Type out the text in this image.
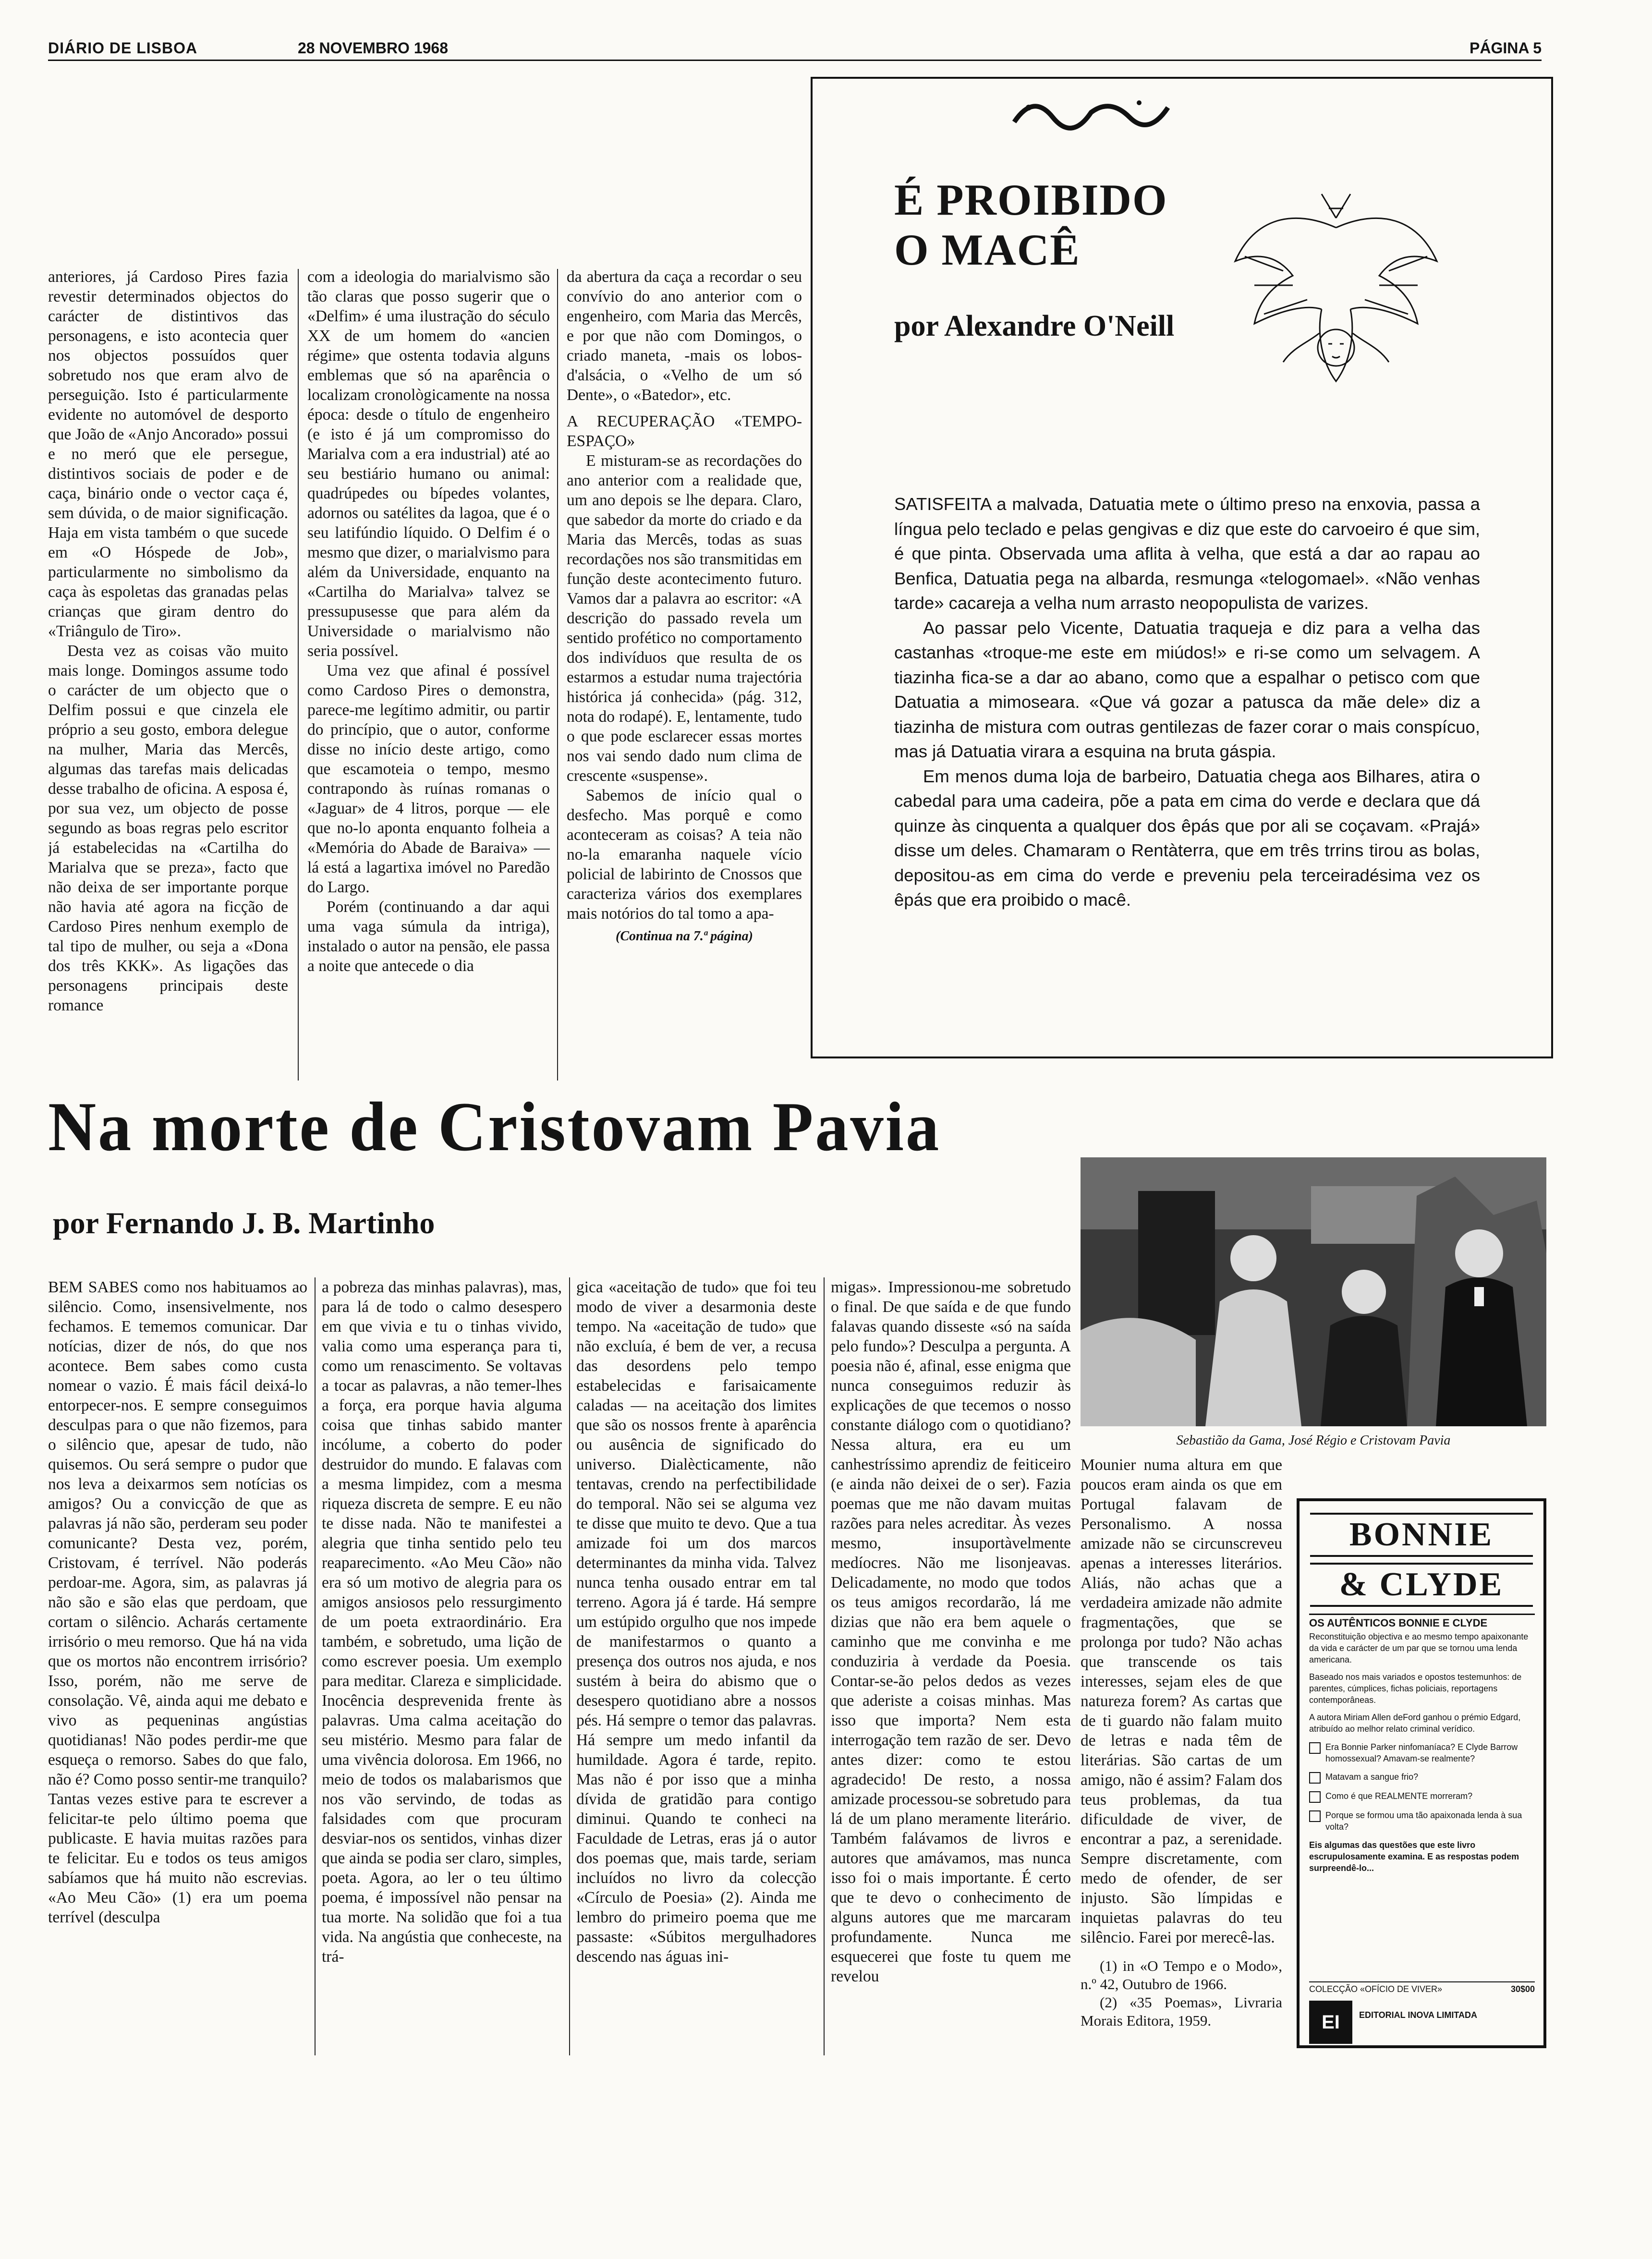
DIÁRIO DE LISBOA	28 NOVEMBRO 1968	PÁGINA 5

anteriores, já Cardoso Pires fazia revestir determinados objectos do carácter de distintivos das personagens, e isto acontecia quer nos objectos possuídos quer sobretudo nos que eram alvo de perseguição. Isto é particularmente evidente no automóvel de desporto que João de «Anjo Ancorado» possui e no meró que ele persegue, distintivos sociais de poder e de caça, binário onde o vector caça é, sem dúvida, o de maior significação. Haja em vista também o que sucede em «O Hóspede de Job», particularmente no simbolismo da caça às espoletas das granadas pelas crianças que giram dentro do «Triângulo de Tiro».

Desta vez as coisas vão muito mais longe. Domingos assume todo o carácter de um objecto que o Delfim possui e que cinzela ele próprio a seu gosto, embora delegue na mulher, Maria das Mercês, algumas das tarefas mais delicadas desse trabalho de oficina. A esposa é, por sua vez, um objecto de posse segundo as boas regras pelo escritor já estabelecidas na «Cartilha do Marialva que se preza», facto que não deixa de ser importante porque não havia até agora na ficção de Cardoso Pires nenhum exemplo de tal tipo de mulher, ou seja a «Dona dos três KKK». As ligações das personagens principais deste romance

com a ideologia do marialvismo são tão claras que posso sugerir que o «Delfim» é uma ilustração do século XX de um homem do «ancien régime» que ostenta todavia alguns emblemas que só na aparência o localizam cronològicamente na nossa época: desde o título de engenheiro (e isto é já um compromisso do Marialva com a era industrial) até ao seu bestiário humano ou animal: quadrúpedes ou bípedes volantes, adornos ou satélites da lagoa, que é o seu latifúndio líquido. O Delfim é o mesmo que dizer, o marialvismo para além da Universidade, enquanto na «Cartilha do Marialva» talvez se pressupusesse que para além da Universidade o marialvismo não seria possível.

Uma vez que afinal é possível como Cardoso Pires o demonstra, parece-me legítimo admitir, ou partir do princípio, que o autor, conforme disse no início deste artigo, como que escamoteia o tempo, mesmo contrapondo às ruínas romanas o «Jaguar» de 4 litros, porque — ele que no-lo aponta enquanto folheia a «Memória do Abade de Baraiva» — lá está a lagartixa imóvel no Paredão do Largo.

Porém (continuando a dar aqui uma vaga súmula da intriga), instalado o autor na pensão, ele passa a noite que antecede o dia

da abertura da caça a recordar o seu convívio do ano anterior com o engenheiro, com Maria das Mercês, e por que não com Domingos, o criado maneta, -mais os lobos-d'alsácia, o «Velho de um só Dente», o «Batedor», etc.

A RECUPERAÇÃO «TEMPO-ESPAÇO»

E misturam-se as recordações do ano anterior com a realidade que, um ano depois se lhe depara. Claro, que sabedor da morte do criado e da Maria das Mercês, todas as suas recordações nos são transmitidas em função deste acontecimento futuro. Vamos dar a palavra ao escritor: «A descrição do passado revela um sentido profético no comportamento dos indivíduos que resulta de os estarmos a estudar numa trajectória histórica já conhecida» (pág. 312, nota do rodapé). E, lentamente, tudo o que pode esclarecer essas mortes nos vai sendo dado num clima de crescente «suspense».

Sabemos de início qual o desfecho. Mas porquê e como aconteceram as coisas? A teia não no-la emaranha naquele vício policial de labirinto de Cnossos que caracteriza vários dos exemplares mais notórios do tal tomo a apa-

(Continua na 7.ª página)

É PROIBIDO
O MACÊ
por Alexandre O'Neill

SATISFEITA a malvada, Datuatia mete o último preso na enxovia, passa a língua pelo teclado e pelas gengivas e diz que este do carvoeiro é que sim, é que pinta. Observada uma aflita à velha, que está a dar ao rapau ao Benfica, Datuatia pega na albarda, resmunga «telogomael». «Não venhas tarde» cacareja a velha num arrasto neopopulista de varizes.

Ao passar pelo Vicente, Datuatia traqueja e diz para a velha das castanhas «troque-me este em miúdos!» e ri-se como um selvagem. A tiazinha fica-se a dar ao abano, como que a espalhar o petisco com que Datuatia a mimoseara. «Que vá gozar a patusca da mãe dele» diz a tiazinha de mistura com outras gentilezas de fazer corar o mais conspícuo, mas já Datuatia virara a esquina na bruta gáspia.

Em menos duma loja de barbeiro, Datuatia chega aos Bilhares, atira o cabedal para uma cadeira, põe a pata em cima do verde e declara que dá quinze às cinquenta a qualquer dos êpás que por ali se coçavam. «Prajá» disse um deles. Chamaram o Rentàterra, que em três trrins tirou as bolas, depositou-as em cima do verde e preveniu pela terceiradésima vez os êpás que era proibido o macê.

Na morte de Cristovam Pavia
por Fernando J. B. Martinho

BEM SABES como nos habituamos ao silêncio. Como, insensivelmente, nos fechamos. E tememos comunicar. Dar notícias, dizer de nós, do que nos acontece. Bem sabes como custa nomear o vazio. É mais fácil deixá-lo entorpecer-nos. E sempre conseguimos desculpas para o que não fizemos, para o silêncio que, apesar de tudo, não quisemos. Ou será sempre o pudor que nos leva a deixarmos sem notícias os amigos? Ou a convicção de que as palavras já não são, perderam seu poder comunicante? Desta vez, porém, Cristovam, é terrível. Não poderás perdoar-me. Agora, sim, as palavras já não são e são elas que perdoam, que cortam o silêncio. Acharás certamente irrisório o meu remorso. Que há na vida que os mortos não encontrem irrisório? Isso, porém, não me serve de consolação. Vê, ainda aqui me debato e vivo as pequeninas angústias quotidianas! Não podes perdir-me que esqueça o remorso. Sabes do que falo, não é? Como posso sentir-me tranquilo? Tantas vezes estive para te escrever a felicitar-te pelo último poema que publicaste. E havia muitas razões para te felicitar. Eu e todos os teus amigos sabíamos que há muito não escrevias. «Ao Meu Cão» (1) era um poema terrível (desculpa

a pobreza das minhas palavras), mas, para lá de todo o calmo desespero em que vivia e tu o tinhas vivido, valia como uma esperança para ti, como um renascimento. Se voltavas a tocar as palavras, a não temer-lhes a força, era porque havia alguma coisa que tinhas sabido manter incólume, a coberto do poder destruidor do mundo. E falavas com a mesma limpidez, com a mesma riqueza discreta de sempre. E eu não te disse nada. Não te manifestei a alegria que tinha sentido pelo teu reaparecimento. «Ao Meu Cão» não era só um motivo de alegria para os amigos ansiosos pelo ressurgimento de um poeta extraordinário. Era também, e sobretudo, uma lição de como escrever poesia. Um exemplo para meditar. Clareza e simplicidade. Inocência desprevenida frente às palavras. Uma calma aceitação do seu mistério. Mesmo para falar de uma vivência dolorosa. Em 1966, no meio de todos os malabarismos que nos vão servindo, de todas as falsidades com que procuram desviar-nos os sentidos, vinhas dizer que ainda se podia ser claro, simples, poeta. Agora, ao ler o teu último poema, é impossível não pensar na tua morte. Na solidão que foi a tua vida. Na angústia que conheceste, na trá-

gica «aceitação de tudo» que foi teu modo de viver a desarmonia deste tempo. Na «aceitação de tudo» que não excluía, é bem de ver, a recusa das desordens pelo tempo estabelecidas e farisaicamente caladas — na aceitação dos limites que são os nossos frente à aparência ou ausência de significado do universo. Dialècticamente, não tentavas, crendo na perfectibilidade do temporal. Não sei se alguma vez te disse que muito te devo. Que a tua amizade foi um dos marcos determinantes da minha vida. Talvez nunca tenha ousado entrar em tal terreno. Agora já é tarde. Há sempre um estúpido orgulho que nos impede de manifestarmos o quanto a presença dos outros nos ajuda, e nos sustém à beira do abismo que o desespero quotidiano abre a nossos pés. Há sempre o temor das palavras. Há sempre um medo infantil da humildade. Agora é tarde, repito. Mas não é por isso que a minha dívida de gratidão para contigo diminui. Quando te conheci na Faculdade de Letras, eras já o autor dos poemas que, mais tarde, seriam incluídos no livro da colecção «Círculo de Poesia» (2). Ainda me lembro do primeiro poema que me passaste: «Súbitos mergulhadores descendo nas águas ini-

migas». Impressionou-me sobretudo o final. De que saída e de que fundo falavas quando disseste «só na saída pelo fundo»? Desculpa a pergunta. A poesia não é, afinal, esse enigma que nunca conseguimos reduzir às explicações de que tecemos o nosso constante diálogo com o quotidiano? Nessa altura, era eu um canhestríssimo aprendiz de feiticeiro (e ainda não deixei de o ser). Fazia poemas que me não davam muitas razões para neles acreditar. Às vezes mesmo, insuportàvelmente medíocres. Não me lisonjeavas. Delicadamente, no modo que todos os teus amigos recordarão, lá me dizias que não era bem aquele o caminho que me convinha e me conduziria à verdade da Poesia. Contar-se-ão pelos dedos as vezes que aderiste a coisas minhas. Mas isso que importa? Nem esta interrogação tem razão de ser. Devo antes dizer: como te estou agradecido! De resto, a nossa amizade processou-se sobretudo para lá de um plano meramente literário. Também falávamos de livros e autores que amávamos, mas nunca isso foi o mais importante. É certo que te devo o conhecimento de alguns autores que me marcaram profundamente. Nunca me esquecerei que foste tu quem me revelou

Sebastião da Gama, José Régio e Cristovam Pavia

Mounier numa altura em que poucos eram ainda os que em Portugal falavam de Personalismo. A nossa amizade não se circunscreveu apenas a interesses literários. Aliás, não achas que a verdadeira amizade não admite fragmentações, que se prolonga por tudo? Não achas que transcende os tais interesses, sejam eles de que natureza forem? As cartas que de ti guardo não falam muito de letras e nada têm de literárias. São cartas de um amigo, não é assim? Falam dos teus problemas, da tua dificuldade de viver, de encontrar a paz, a serenidade. Sempre discretamente, com medo de ofender, de ser injusto. São límpidas e inquietas palavras do teu silêncio. Farei por merecê-las.

(1) in «O Tempo e o Modo», n.º 42, Outubro de 1966.

(2) «35 Poemas», Livraria Morais Editora, 1959.

BONNIE
& CLYDE
OS AUTÊNTICOS BONNIE E CLYDE
Reconstituição objectiva e ao mesmo tempo apaixonante da vida e carácter de um par que se tornou uma lenda americana.
Baseado nos mais variados e opostos testemunhos: de parentes, cúmplices, fichas policiais, reportagens contemporâneas.
A autora Miriam Allen deFord ganhou o prémio Edgard, atribuído ao melhor relato criminal verídico.
Era Bonnie Parker ninfomaníaca? E Clyde Barrow homossexual? Amavam-se realmente?
Matavam a sangue frio?
Como é que REALMENTE morreram?
Porque se formou uma tão apaixonada lenda à sua volta?
Eis algumas das questões que este livro escrupulosamente examina. E as respostas podem surpreendê-lo...
COLECÇÃO «OFÍCIO DE VIVER»	30$00
EI	EDITORIAL INOVA LIMITADA
